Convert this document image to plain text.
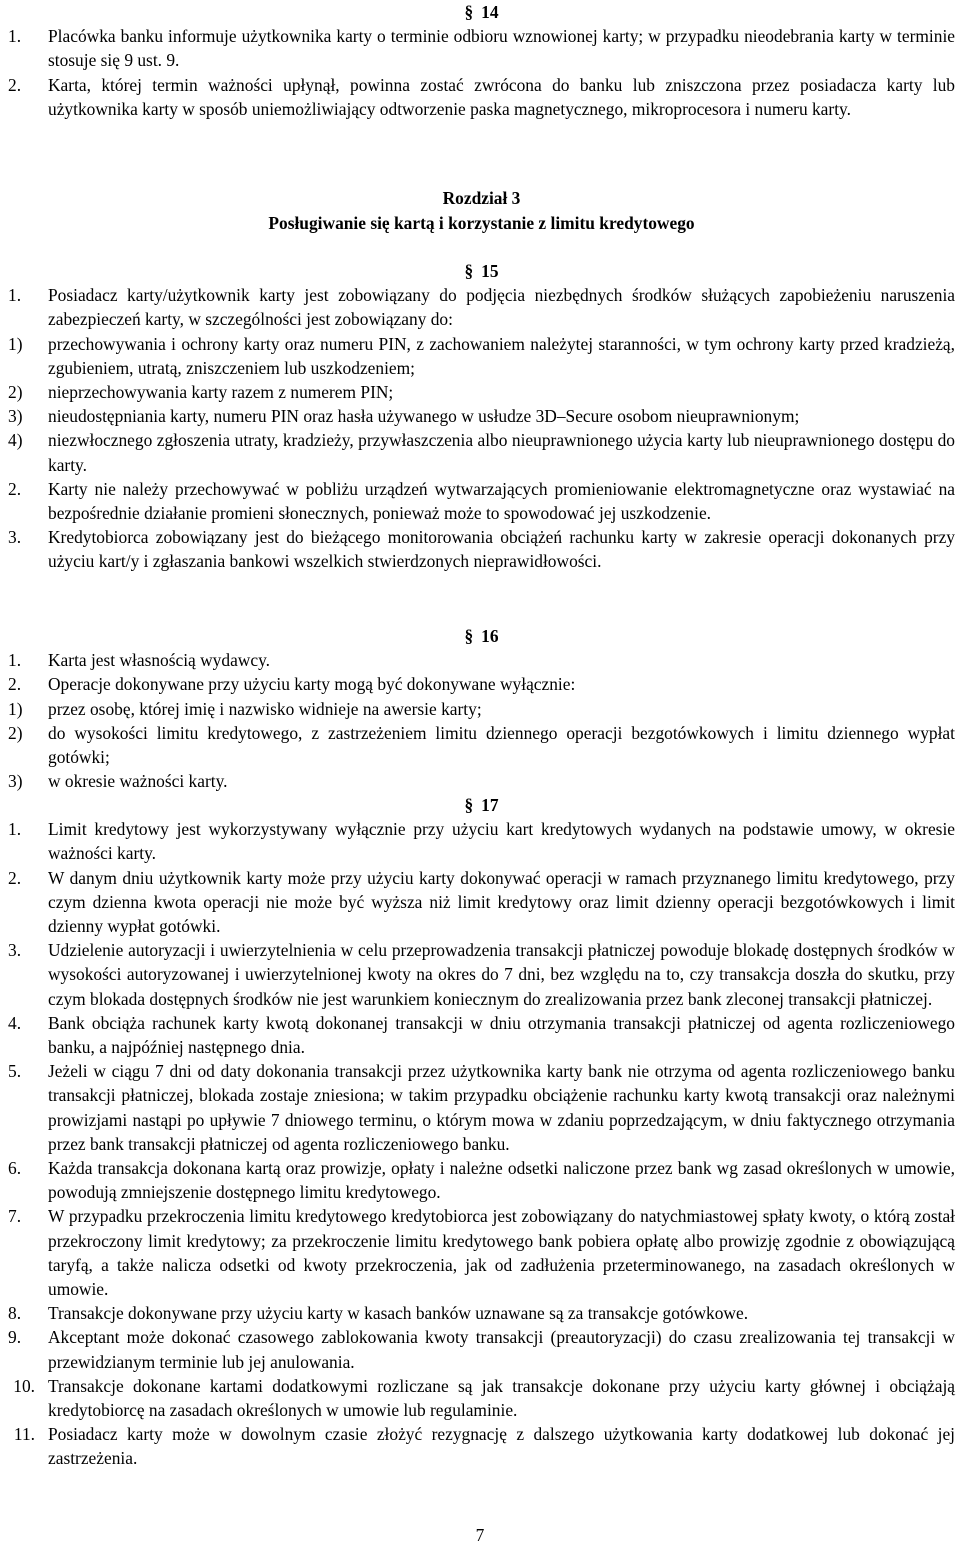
§ 14

1.	Placówka banku informuje użytkownika karty o terminie odbioru wznowionej karty; w przypadku nieodebrania karty w terminie stosuje się 9 ust. 9.
2.	Karta, której termin ważności upłynął, powinna zostać zwrócona do banku lub zniszczona przez posiadacza karty lub użytkownika karty w sposób uniemożliwiający odtworzenie paska magnetycznego, mikroprocesora i numeru karty.

Rozdział 3

Posługiwanie się kartą i korzystanie z limitu kredytowego

§ 15

1.	Posiadacz karty/użytkownik karty jest zobowiązany do podjęcia niezbędnych środków służących zapobieżeniu naruszenia zabezpieczeń karty, w szczególności jest zobowiązany do:
1) przechowywania i ochrony karty oraz numeru PIN, z zachowaniem należytej staranności, w tym ochrony karty przed kradzieżą, zgubieniem, utratą, zniszczeniem lub uszkodzeniem;
2) nieprzechowywania karty razem z numerem PIN;
3) nieudostępniania karty, numeru PIN oraz hasła używanego w usłudze 3D–Secure osobom nieuprawnionym;
4) niezwłocznego zgłoszenia utraty, kradzieży, przywłaszczenia albo nieuprawnionego użycia karty lub nieuprawnionego dostępu do karty.
2.	Karty nie należy przechowywać w pobliżu urządzeń wytwarzających promieniowanie elektromagnetyczne oraz wystawiać na bezpośrednie działanie promieni słonecznych, ponieważ może to spowodować jej uszkodzenie.
3.	Kredytobiorca zobowiązany jest do bieżącego monitorowania obciążeń rachunku karty w zakresie operacji dokonanych przy użyciu kart/y i zgłaszania bankowi wszelkich stwierdzonych nieprawidłowości.

§ 16

1.	Karta jest własnością wydawcy.
2.	Operacje dokonywane przy użyciu karty mogą być dokonywane wyłącznie:
1) przez osobę, której imię i nazwisko widnieje na awersie karty;
2) do wysokości limitu kredytowego, z zastrzeżeniem limitu dziennego operacji bezgotówkowych i limitu dziennego wypłat gotówki;
3) w okresie ważności karty.

§ 17

1.	Limit kredytowy jest wykorzystywany wyłącznie przy użyciu kart kredytowych wydanych na podstawie umowy, w okresie ważności karty.
2.	W danym dniu użytkownik karty może przy użyciu karty dokonywać operacji w ramach przyznanego limitu kredytowego, przy czym dzienna kwota operacji nie może być wyższa niż limit kredytowy oraz limit dzienny operacji bezgotówkowych i limit dzienny wypłat gotówki.
3.	Udzielenie autoryzacji i uwierzytelnienia w celu przeprowadzenia transakcji płatniczej powoduje blokadę dostępnych środków w wysokości autoryzowanej i uwierzytelnionej kwoty na okres do 7 dni, bez względu na to, czy transakcja doszła do skutku, przy czym blokada dostępnych środków nie jest warunkiem koniecznym do zrealizowania przez bank zleconej transakcji płatniczej.
4.	Bank obciąża rachunek karty kwotą dokonanej transakcji w dniu otrzymania transakcji płatniczej od agenta rozliczeniowego banku, a najpóźniej następnego dnia.
5.	Jeżeli w ciągu 7 dni od daty dokonania transakcji przez użytkownika karty bank nie otrzyma od agenta rozliczeniowego banku transakcji płatniczej, blokada zostaje zniesiona; w takim przypadku obciążenie rachunku karty kwotą transakcji oraz należnymi prowizjami nastąpi po upływie 7 dniowego terminu, o którym mowa w zdaniu poprzedzającym, w dniu faktycznego otrzymania przez bank transakcji płatniczej od agenta rozliczeniowego banku.
6.	Każda transakcja dokonana kartą oraz prowizje, opłaty i należne odsetki naliczone przez bank wg zasad określonych w umowie, powodują zmniejszenie dostępnego limitu kredytowego.
7.	W przypadku przekroczenia limitu kredytowego kredytobiorca jest zobowiązany do natychmiastowej spłaty kwoty, o którą został przekroczony limit kredytowy; za przekroczenie limitu kredytowego bank pobiera opłatę albo prowizję zgodnie z obowiązującą taryfą, a także nalicza odsetki od kwoty przekroczenia, jak od zadłużenia przeterminowanego, na zasadach określonych w umowie.
8.	Transakcje dokonywane przy użyciu karty w kasach banków uznawane są za transakcje gotówkowe.
9.	Akceptant może dokonać czasowego zablokowania kwoty transakcji (preautoryzacji) do czasu zrealizowania tej transakcji w przewidzianym terminie lub jej anulowania.
10. Transakcje dokonane kartami dodatkowymi rozliczane są jak transakcje dokonane przy użyciu karty głównej i obciążają kredytobiorcę na zasadach określonych w umowie lub regulaminie.
11. Posiadacz karty może w dowolnym czasie złożyć rezygnację z dalszego użytkowania karty dodatkowej lub dokonać jej zastrzeżenia.
7
